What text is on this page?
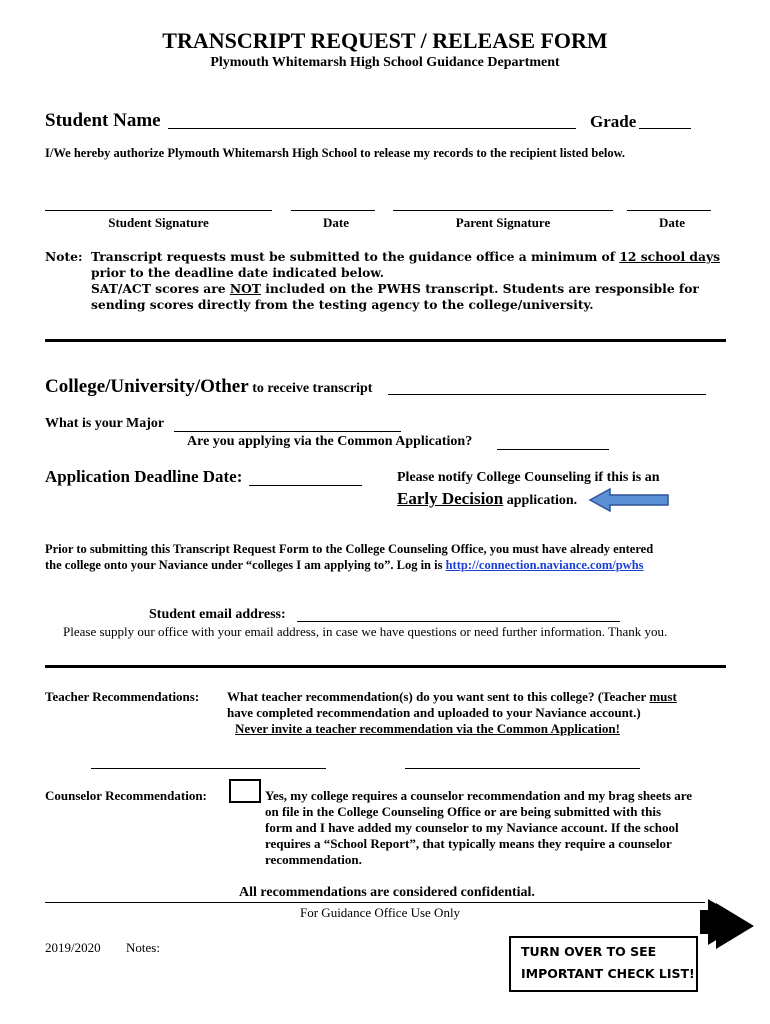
TRANSCRIPT REQUEST / RELEASE FORM
Plymouth Whitemarsh High School Guidance Department
Student Name	Grade
I/We hereby authorize Plymouth Whitemarsh High School to release my records to the recipient listed below.
Student Signature	Date	Parent Signature	Date
Note: Transcript requests must be submitted to the guidance office a minimum of 12 school days
prior to the deadline date indicated below.
SAT/ACT scores are NOT included on the PWHS transcript. Students are responsible for
sending scores directly from the testing agency to the college/university.
College/University/Other to receive transcript
What is your Major
Are you applying via the Common Application?
Application Deadline Date:	Please notify College Counseling if this is an
Early Decision application.
Prior to submitting this Transcript Request Form to the College Counseling Office, you must have already entered
the college onto your Naviance under “colleges I am applying to”. Log in is http://connection.naviance.com/pwhs
Student email address:
Please supply our office with your email address, in case we have questions or need further information. Thank you.
Teacher Recommendations: What teacher recommendation(s) do you want sent to this college? (Teacher must
have completed recommendation and uploaded to your Naviance account.)
Never invite a teacher recommendation via the Common Application!
Counselor Recommendation:	Yes, my college requires a counselor recommendation and my brag sheets are
on file in the College Counseling Office or are being submitted with this
form and I have added my counselor to my Naviance account. If the school
requires a “School Report”, that typically means they require a counselor
recommendation.
All recommendations are considered confidential.
For Guidance Office Use Only
2019/2020 Notes:	TURN OVER TO SEE
IMPORTANT CHECK LIST!
